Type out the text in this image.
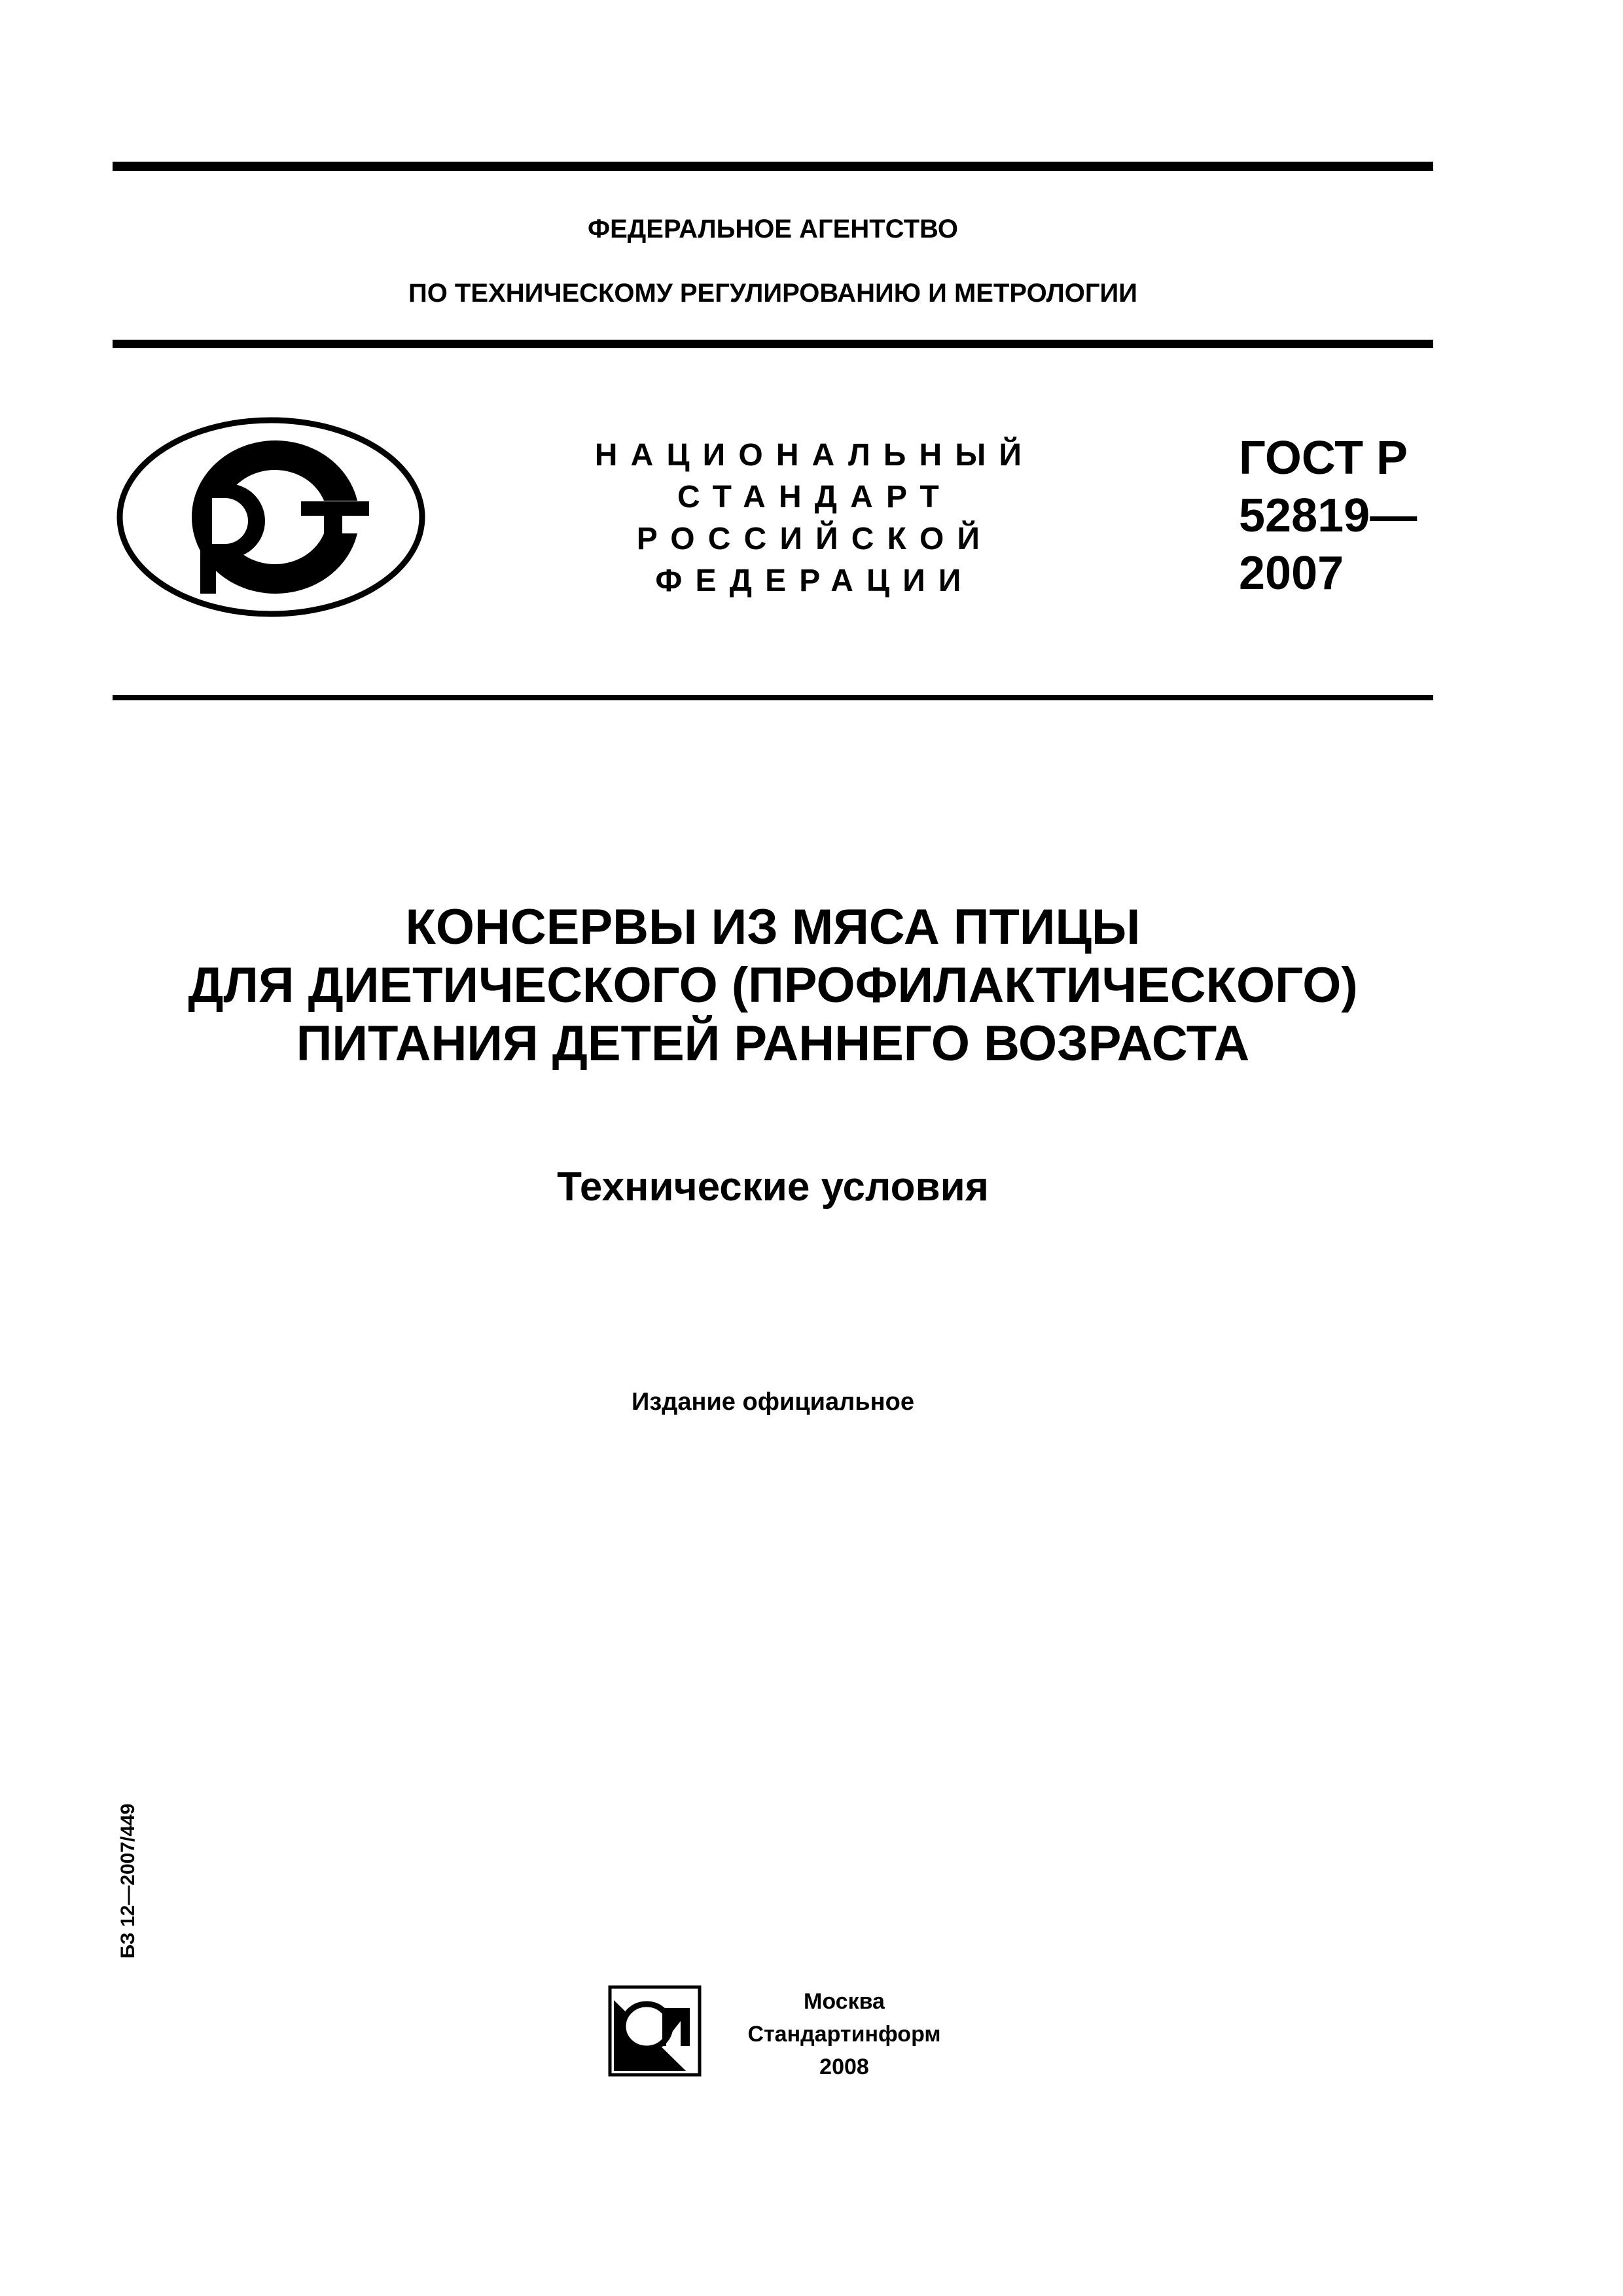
ФЕДЕРАЛЬНОЕ АГЕНТСТВО
ПО ТЕХНИЧЕСКОМУ РЕГУЛИРОВАНИЮ И МЕТРОЛОГИИ
НАЦИОНАЛЬНЫЙ
СТАНДАРТ
РОССИЙСКОЙ
ФЕДЕРАЦИИ
ГОСТ Р
52819—
2007
КОНСЕРВЫ ИЗ МЯСА ПТИЦЫ
ДЛЯ ДИЕТИЧЕСКОГО (ПРОФИЛАКТИЧЕСКОГО)
ПИТАНИЯ ДЕТЕЙ РАННЕГО ВОЗРАСТА
Технические условия
Издание официальное
БЗ 12—2007/449
Москва
Стандартинформ
2008
